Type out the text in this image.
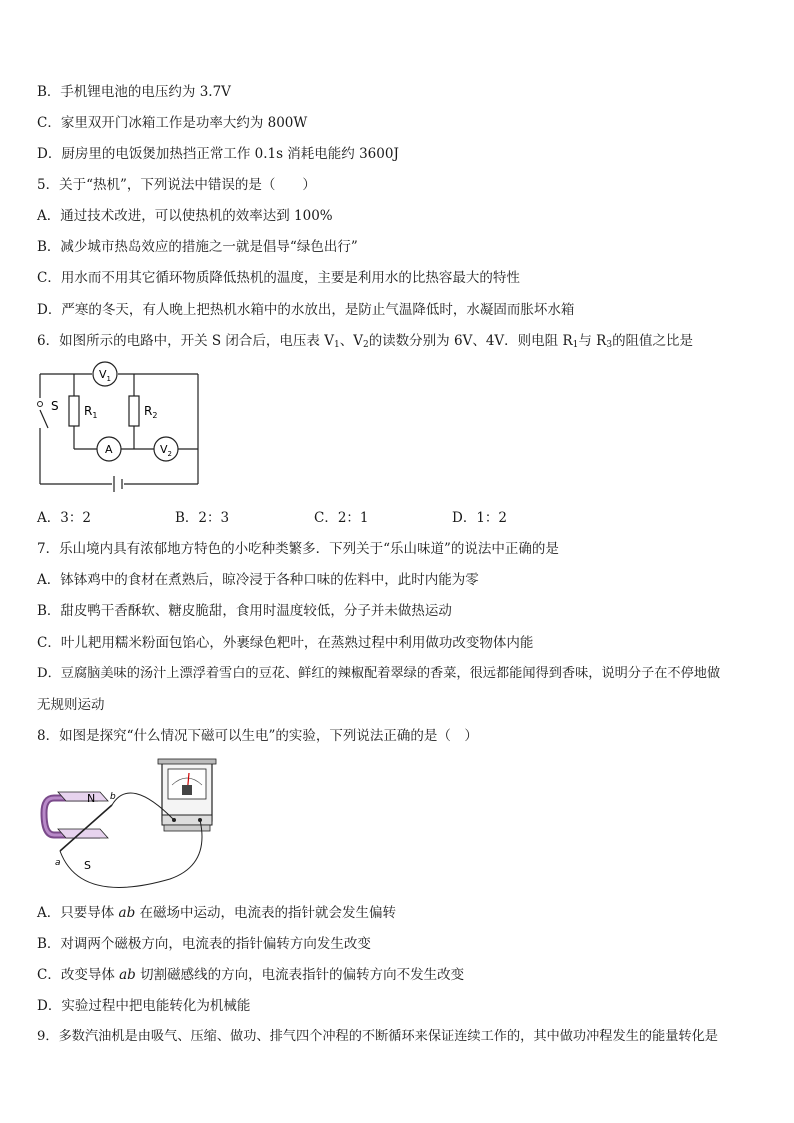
B．手机锂电池的电压约为 3.7V
C．家里双开门冰箱工作是功率大约为 800W
D．厨房里的电饭煲加热挡正常工作 0.1s 消耗电能约 3600J
5．关于“热机”，下列说法中错误的是（　　）
A．通过技术改进，可以使热机的效率达到 100%
B．减少城市热岛效应的措施之一就是倡导“绿色出行”
C．用水而不用其它循环物质降低热机的温度，主要是利用水的比热容最大的特性
D．严寒的冬天，有人晚上把热机水箱中的水放出，是防止气温降低时，水凝固而胀坏水箱
6．如图所示的电路中，开关 S 闭合后，电压表 $V_1$、$V_2$的读数分别为 6V、4V．则电阻 $R_1$与 $R_3$的阻值之比是
S $R_1$	$R_2$
$V_1$
A	$V_2$
A．3：2	B．2：3	C．2：1	D．1：2
7．乐山境内具有浓郁地方特色的小吃种类繁多．下列关于“乐山味道”的说法中正确的是
A．钵钵鸡中的食材在煮熟后，晾冷浸于各种口味的佐料中，此时内能为零
B．甜皮鸭干香酥软、糖皮脆甜，食用时温度较低，分子并未做热运动
C．叶儿耙用糯米粉面包馅心，外裹绿色粑叶，在蒸熟过程中利用做功改变物体内能
D．豆腐脑美味的汤汁上漂浮着雪白的豆花、鲜红的辣椒配着翠绿的香菜，很远都能闻得到香味，说明分子在不停地做
无规则运动
8．如图是探究“什么情况下磁可以生电”的实验，下列说法正确的是（　）
N
S
a
b
A．只要导体 ab 在磁场中运动，电流表的指针就会发生偏转
B．对调两个磁极方向，电流表的指针偏转方向发生改变
C．改变导体 ab 切割磁感线的方向，电流表指针的偏转方向不发生改变
D．实验过程中把电能转化为机械能
9．多数汽油机是由吸气、压缩、做功、排气四个冲程的不断循环来保证连续工作的，其中做功冲程发生的能量转化是
